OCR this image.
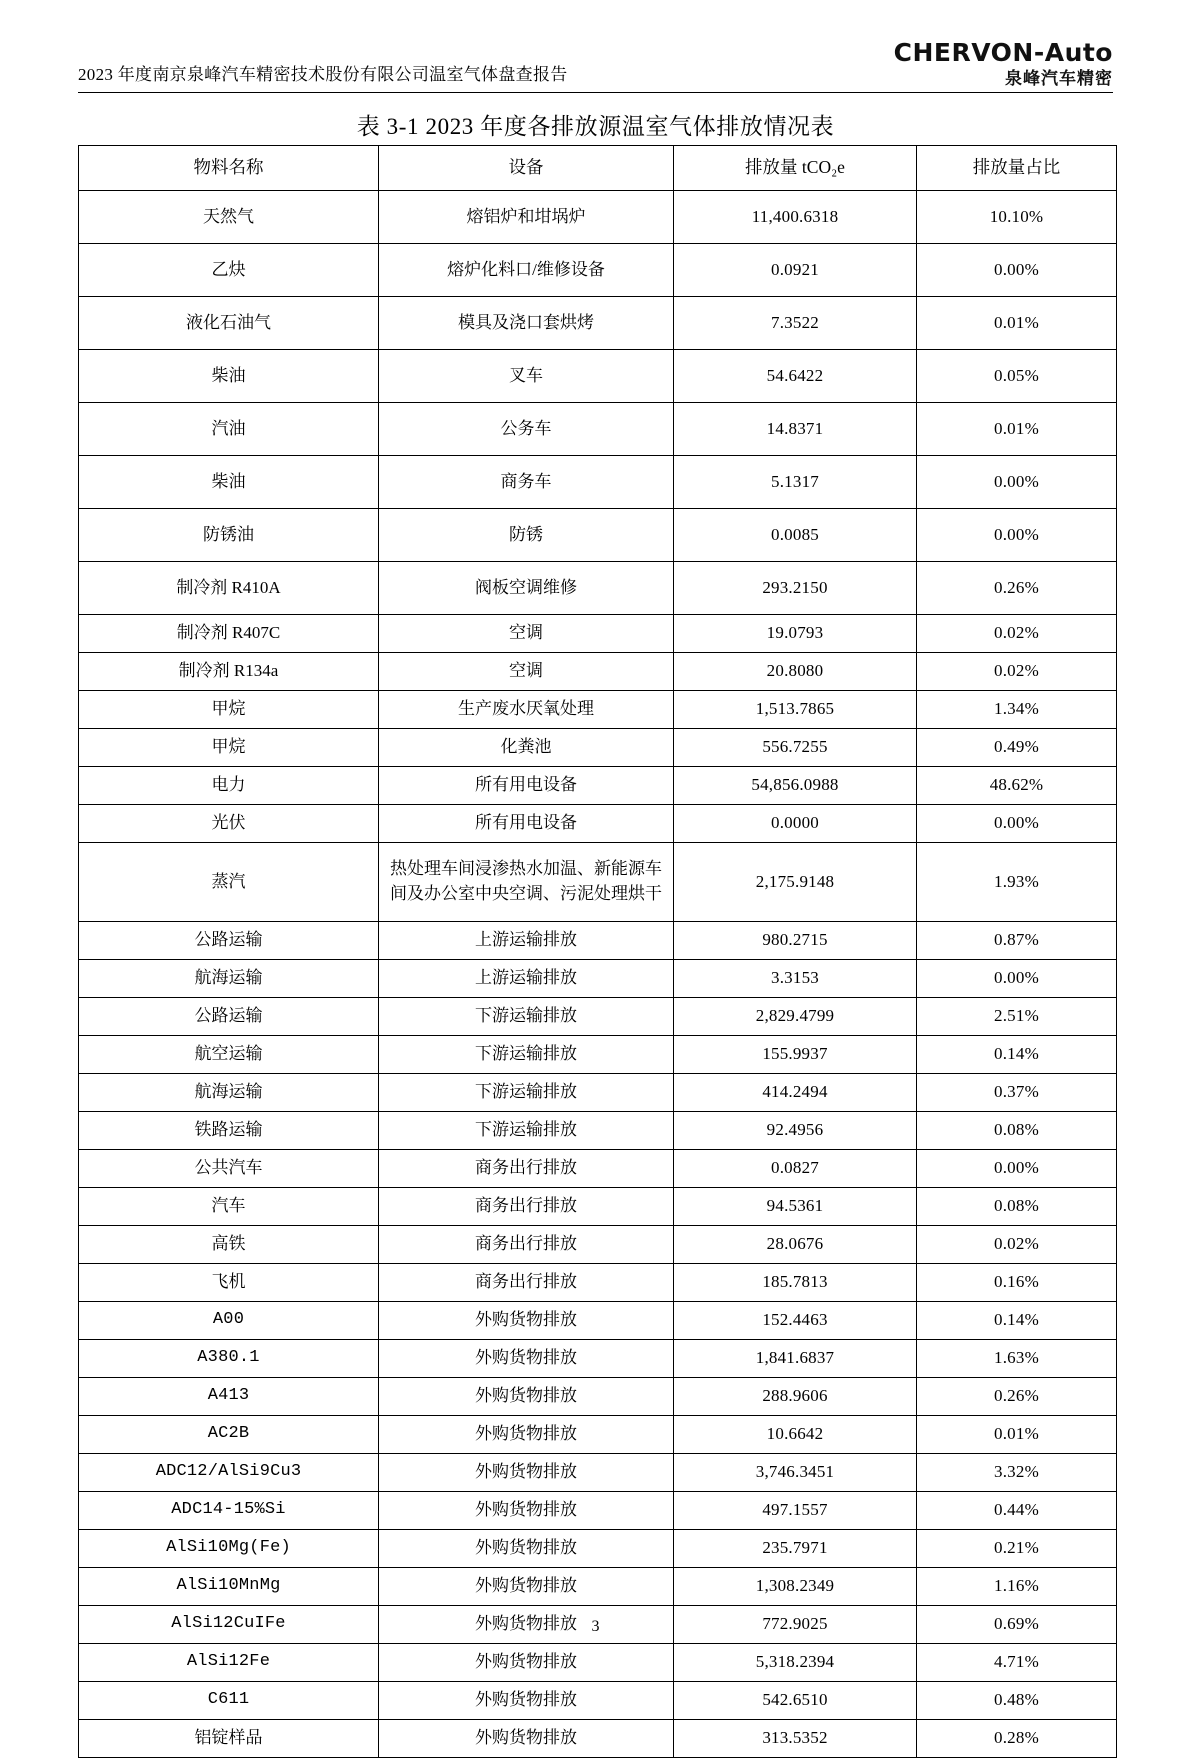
2023 年度南京泉峰汽车精密技术股份有限公司温室气体盘查报告
CHERVON-Auto
泉峰汽车精密
表 3-1 2023 年度各排放源温室气体排放情况表
物料名称	设备	排放量 tCO₂e	排放量占比
天然气	熔铝炉和坩埚炉	11,400.6318	10.10%
乙炔	熔炉化料口/维修设备	0.0921	0.00%
液化石油气	模具及浇口套烘烤	7.3522	0.01%
柴油	叉车	54.6422	0.05%
汽油	公务车	14.8371	0.01%
柴油	商务车	5.1317	0.00%
防锈油	防锈	0.0085	0.00%
制冷剂 R410A	阀板空调维修	293.2150	0.26%
制冷剂 R407C	空调	19.0793	0.02%
制冷剂 R134a	空调	20.8080	0.02%
甲烷	生产废水厌氧处理	1,513.7865	1.34%
甲烷	化粪池	556.7255	0.49%
电力	所有用电设备	54,856.0988	48.62%
光伏	所有用电设备	0.0000	0.00%
蒸汽	热处理车间浸渗热水加温、新能源车间及办公室中央空调、污泥处理烘干	2,175.9148	1.93%
公路运输	上游运输排放	980.2715	0.87%
航海运输	上游运输排放	3.3153	0.00%
公路运输	下游运输排放	2,829.4799	2.51%
航空运输	下游运输排放	155.9937	0.14%
航海运输	下游运输排放	414.2494	0.37%
铁路运输	下游运输排放	92.4956	0.08%
公共汽车	商务出行排放	0.0827	0.00%
汽车	商务出行排放	94.5361	0.08%
高铁	商务出行排放	28.0676	0.02%
飞机	商务出行排放	185.7813	0.16%
A00	外购货物排放	152.4463	0.14%
A380.1	外购货物排放	1,841.6837	1.63%
A413	外购货物排放	288.9606	0.26%
AC2B	外购货物排放	10.6642	0.01%
ADC12/AlSi9Cu3	外购货物排放	3,746.3451	3.32%
ADC14-15%Si	外购货物排放	497.1557	0.44%
AlSi10Mg(Fe)	外购货物排放	235.7971	0.21%
AlSi10MnMg	外购货物排放	1,308.2349	1.16%
AlSi12CuIFe	外购货物排放	772.9025	0.69%
AlSi12Fe	外购货物排放	5,318.2394	4.71%
C611	外购货物排放	542.6510	0.48%
铝锭样品	外购货物排放	313.5352	0.28%
3
